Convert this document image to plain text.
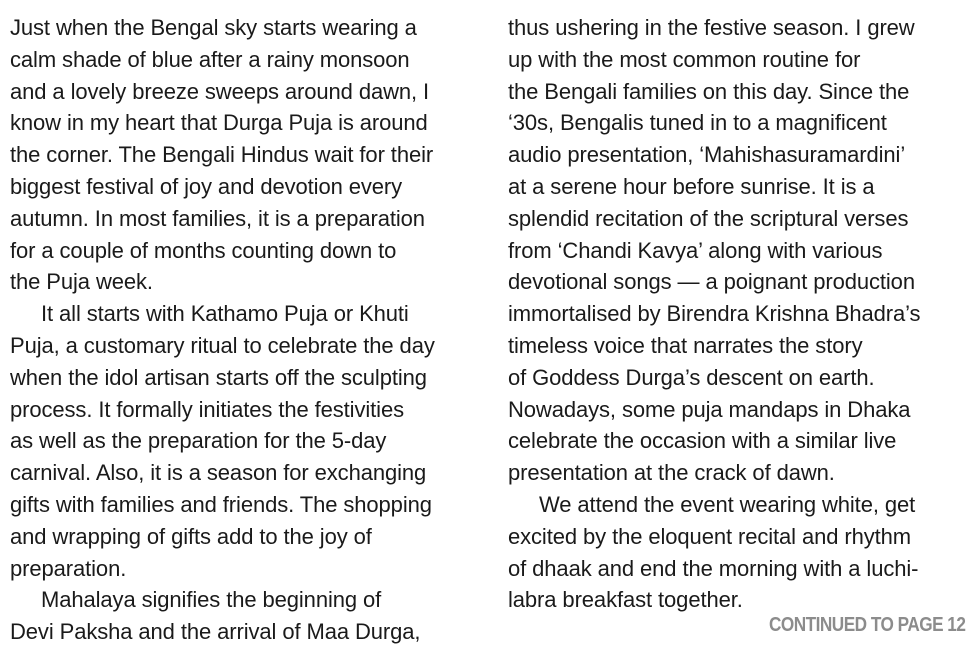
Just when the Bengal sky starts wearing a
calm shade of blue after a rainy monsoon
and a lovely breeze sweeps around dawn, I
know in my heart that Durga Puja is around
the corner. The Bengali Hindus wait for their
biggest festival of joy and devotion every
autumn. In most families, it is a preparation
for a couple of months counting down to
the Puja week.

It all starts with Kathamo Puja or Khuti
Puja, a customary ritual to celebrate the day
when the idol artisan starts off the sculpting
process. It formally initiates the festivities
as well as the preparation for the 5-day
carnival. Also, it is a season for exchanging
gifts with families and friends. The shopping
and wrapping of gifts add to the joy of
preparation.

Mahalaya signifies the beginning of
Devi Paksha and the arrival of Maa Durga,

thus ushering in the festive season. I grew
up with the most common routine for
the Bengali families on this day. Since the
‘30s, Bengalis tuned in to a magnificent
audio presentation, ‘Mahishasuramardini’
at a serene hour before sunrise. It is a
splendid recitation of the scriptural verses
from ‘Chandi Kavya’ along with various
devotional songs — a poignant production
immortalised by Birendra Krishna Bhadra’s
timeless voice that narrates the story
of Goddess Durga’s descent on earth.
Nowadays, some puja mandaps in Dhaka
celebrate the occasion with a similar live
presentation at the crack of dawn.

We attend the event wearing white, get
excited by the eloquent recital and rhythm
of dhaak and end the morning with a luchi-
labra breakfast together.

CONTINUED TO PAGE 12
